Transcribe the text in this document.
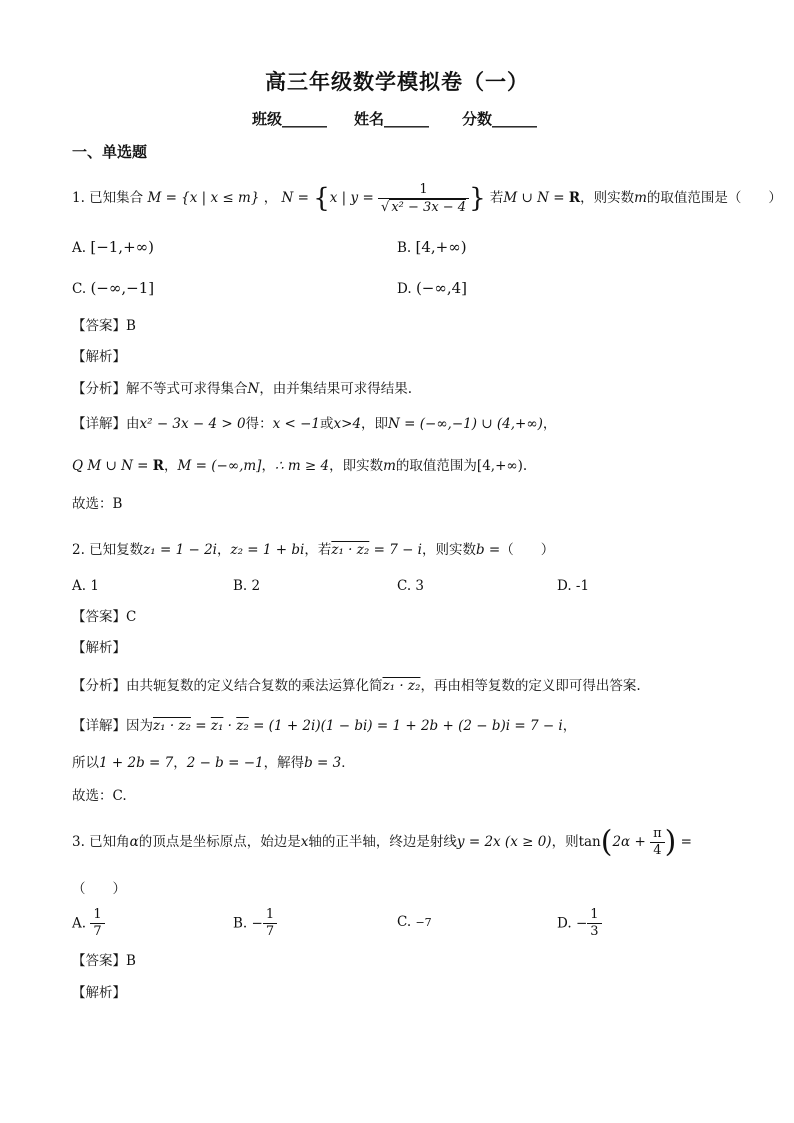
高三年级数学模拟卷（一）
班级______ 姓名______ 分数______
一、单选题
1. 已知集合 M = {x | x ≤ m} ， N = {x | $y = \frac{1}{\text{√ x² − 3x − 4}}$ } 若M ∪ N = R，则实数m的取值范围是（　　）
A. [−1,+∞)	B. [4,+∞)
C. (−∞,−1]	D. (−∞,4]
【答案】B
【解析】
【分析】解不等式可求得集合N，由并集结果可求得结果.
【详解】由x² − 3x − 4 > 0得：x < −1或x>4，即N = (−∞,−1) ∪ (4,+∞)，
Q M ∪ N = R，M = (−∞,m]，∴ m ≥ 4，即实数m的取值范围为[4,+∞).
故选：B
2. 已知复数z₁ = 1 − 2i，z₂ = 1 + bi，若z₁ · z₂ = 7 − i，则实数b =（　　）
A. 1	B. 2	C. 3	D. -1
【答案】C
【解析】
【分析】由共轭复数的定义结合复数的乘法运算化简z₁ · z₂，再由相等复数的定义即可得出答案.
【详解】因为z₁ · z₂ = z₁ · z₂ = (1 + 2i)(1 − bi) = 1 + 2b + (2 − b)i = 7 − i，
所以1 + 2b = 7，2 − b = −1，解得b = 3．
故选：C.
3. 已知角α的顶点是坐标原点，始边是x轴的正半轴，终边是射线y = 2x (x ≥ 0)，则$\tan(2\alpha + \frac{\pi}{4}$ ) =
（　　）
A. $\frac{1}{7}$	B. − $\frac{1}{7}$	C. −7	D. − $\frac{1}{3}$
【答案】B
【解析】
